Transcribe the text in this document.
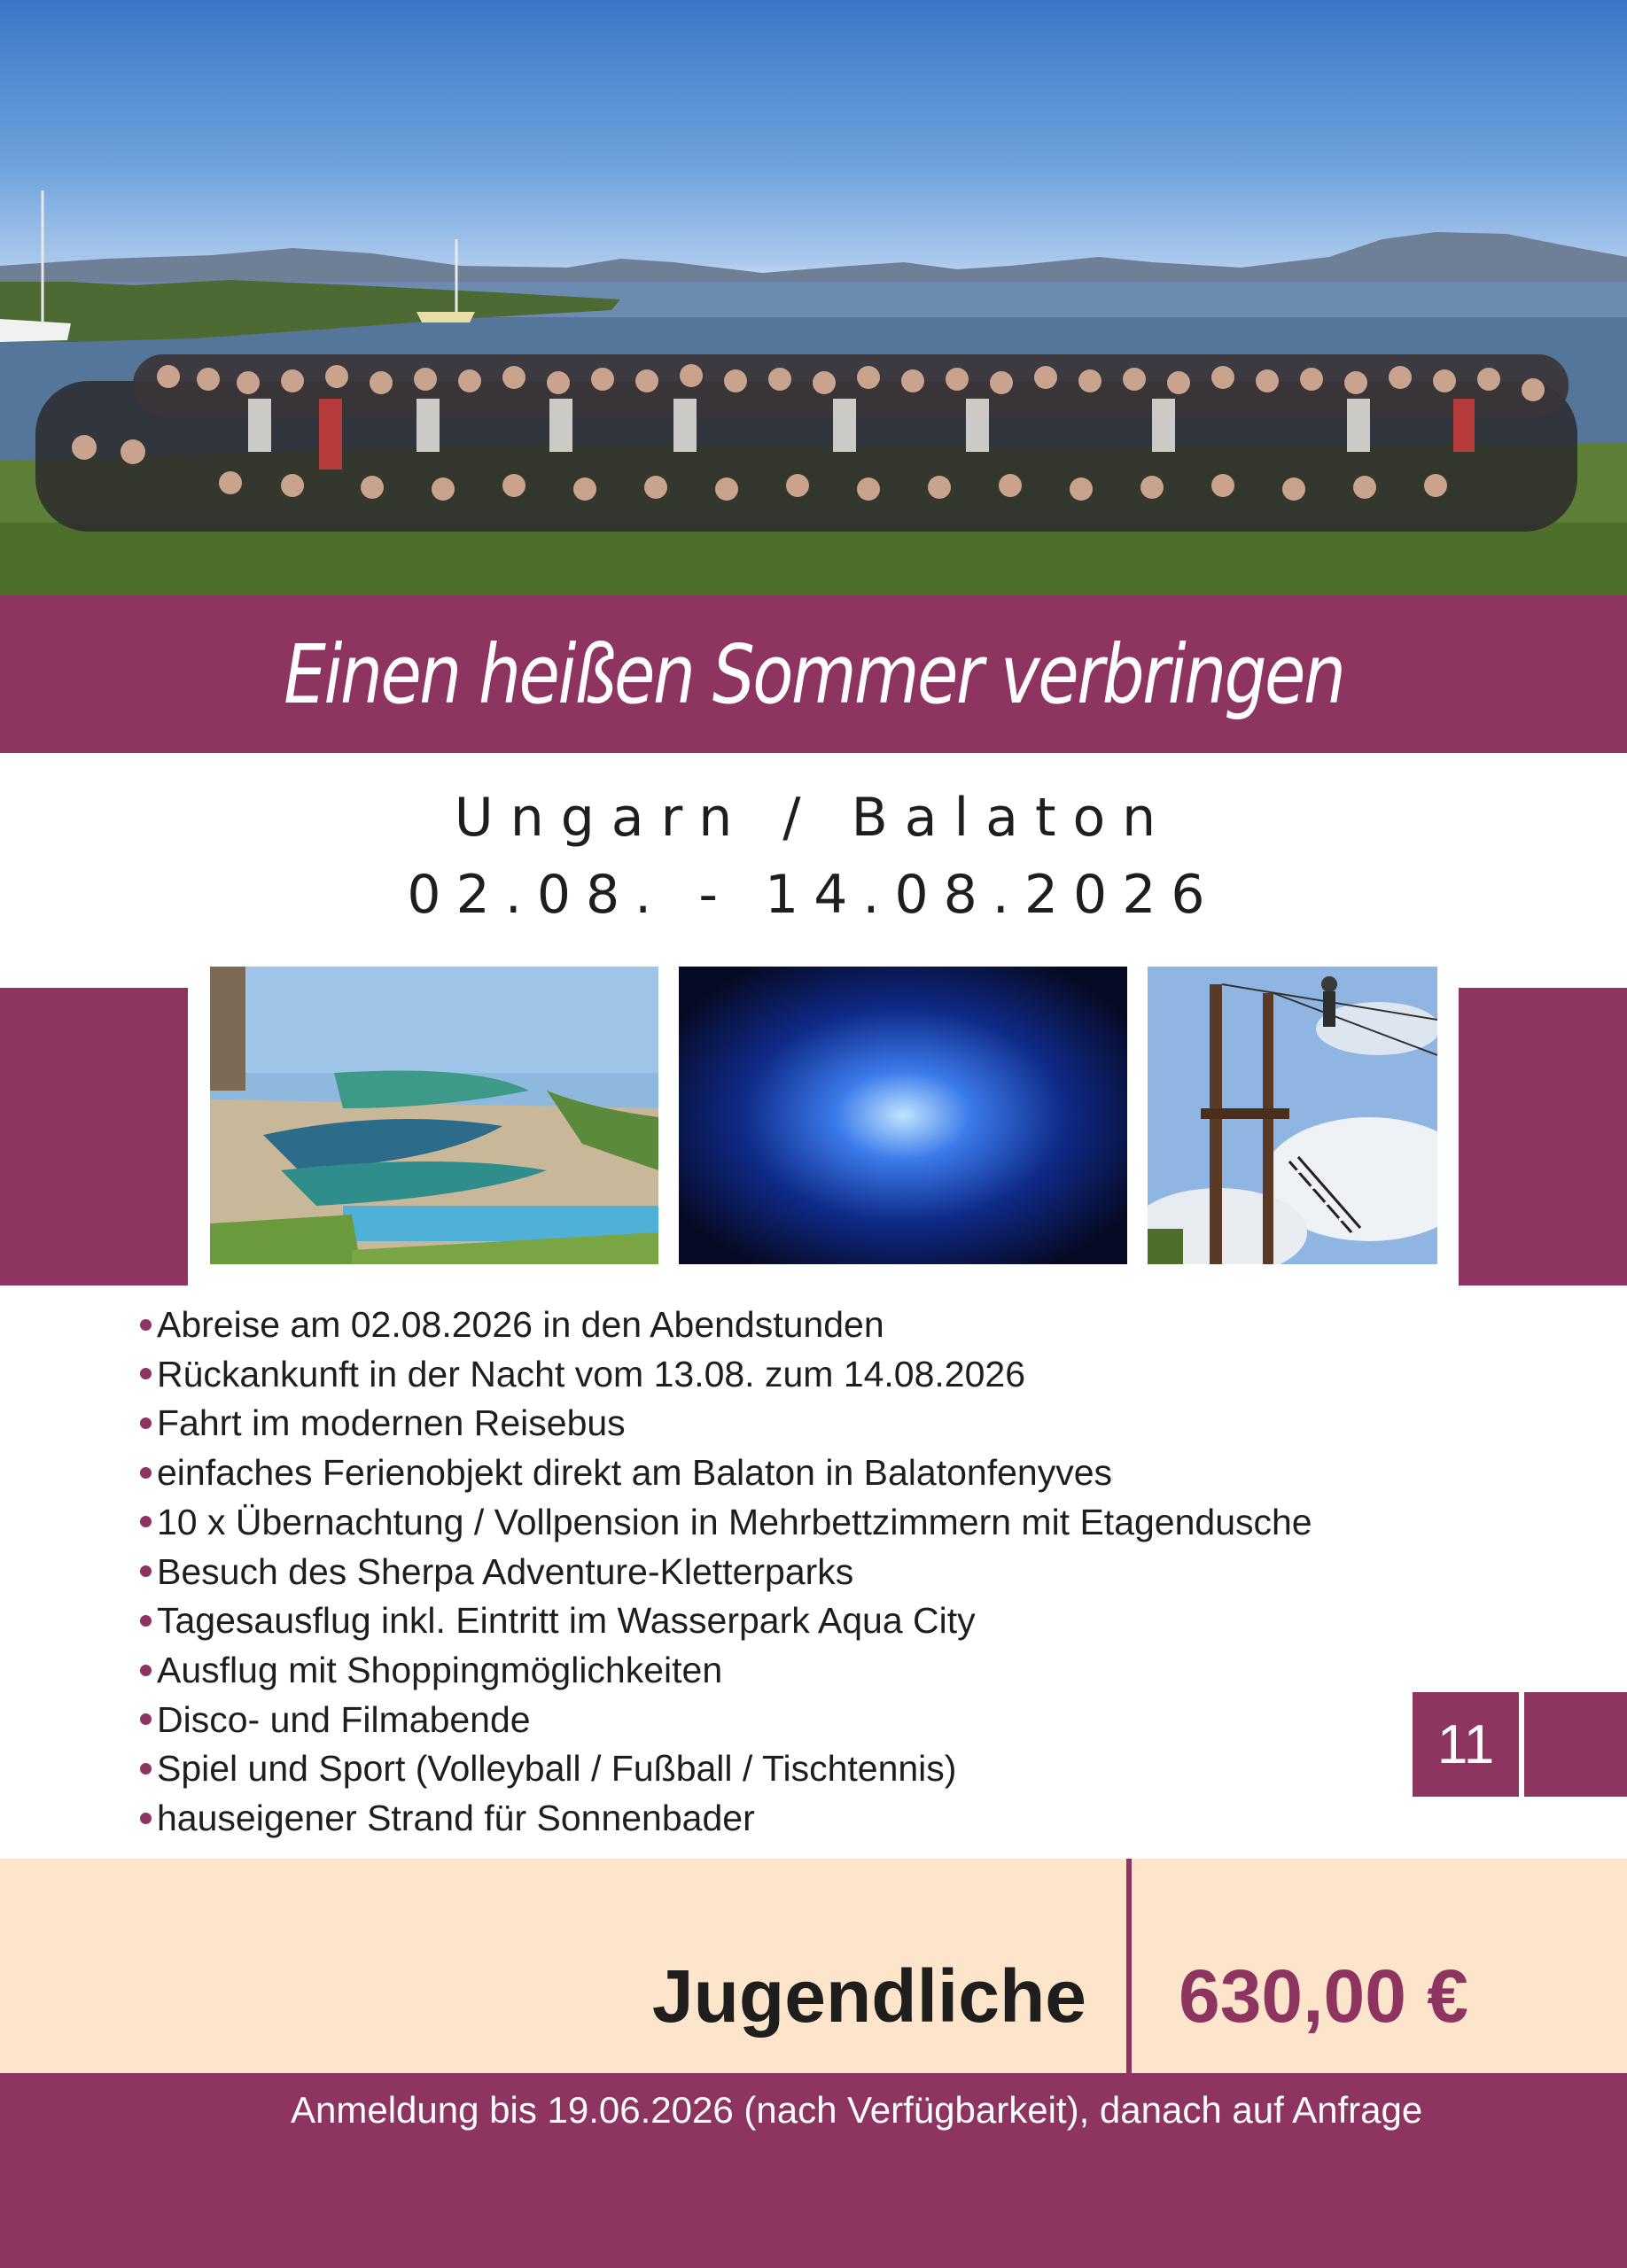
Einen heißen Sommer verbringen
Ungarn / Balaton
02.08. - 14.08.2026
Abreise am 02.08.2026 in den Abendstunden
Rückankunft in der Nacht vom 13.08. zum 14.08.2026
Fahrt im modernen Reisebus
einfaches Ferienobjekt direkt am Balaton in Balatonfenyves
10 x Übernachtung / Vollpension in Mehrbettzimmern mit Etagendusche
Besuch des Sherpa Adventure-Kletterparks
Tagesausflug inkl. Eintritt im Wasserpark Aqua City
Ausflug mit Shoppingmöglichkeiten
Disco- und Filmabende
Spiel und Sport (Volleyball / Fußball / Tischtennis)
hauseigener Strand für Sonnenbader
11
Jugendliche 630,00 €
Anmeldung bis 19.06.2026 (nach Verfügbarkeit), danach auf Anfrage
